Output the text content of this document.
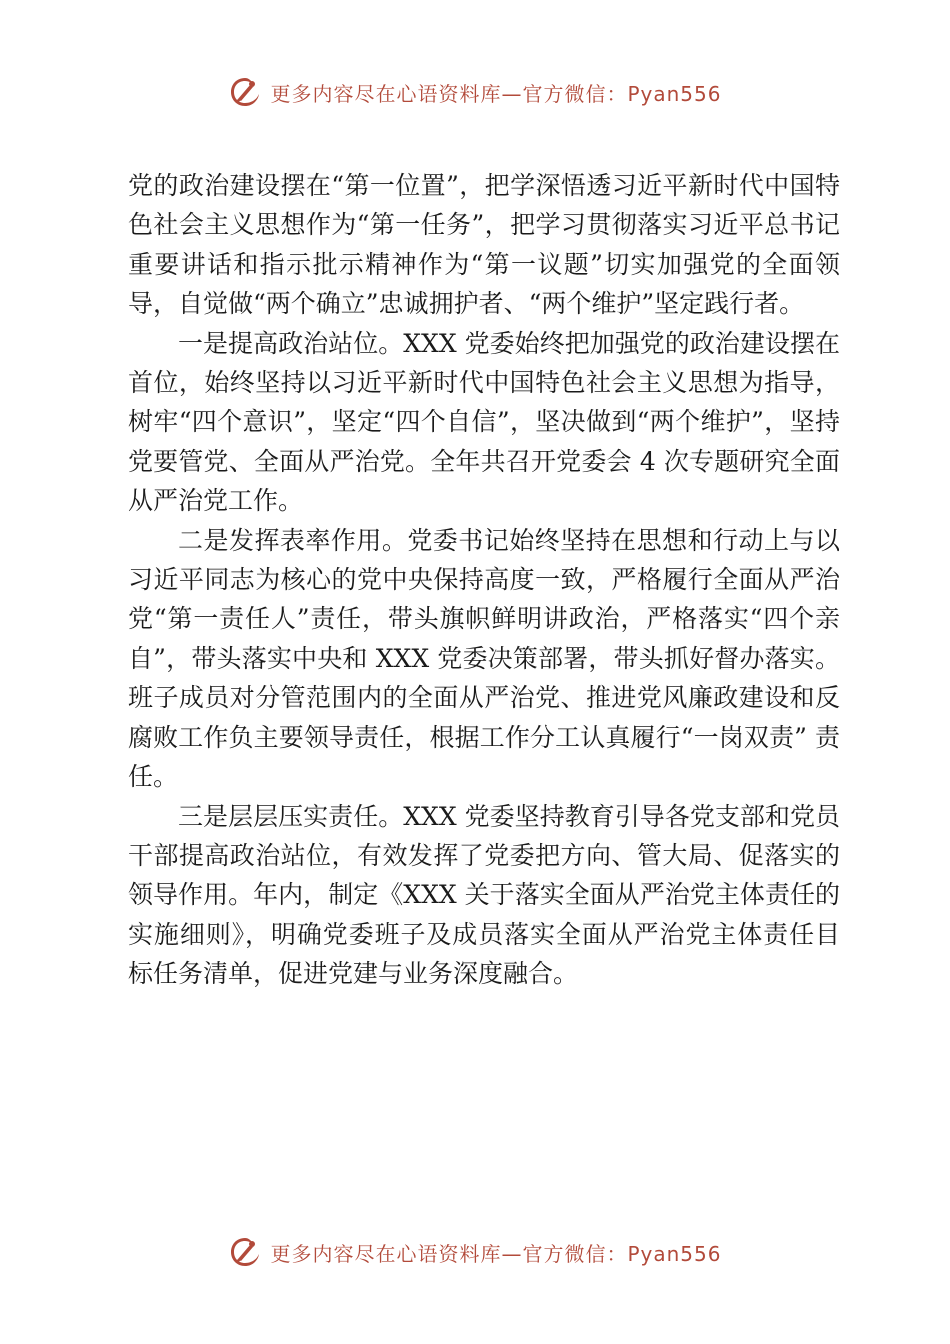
更多内容尽在心语资料库—官方微信：Pyan556

党的政治建设摆在“第一位置”，把学深悟透习近平新时代中国特色社会主义思想作为“第一任务”，把学习贯彻落实习近平总书记重要讲话和指示批示精神作为“第一议题”切实加强党的全面领导，自觉做“两个确立”忠诚拥护者、“两个维护”坚定践行者。

一是提高政治站位。XXX 党委始终把加强党的政治建设摆在首位，始终坚持以习近平新时代中国特色社会主义思想为指导，树牢“四个意识”，坚定“四个自信”，坚决做到“两个维护”，坚持党要管党、全面从严治党。全年共召开党委会 4 次专题研究全面从严治党工作。

二是发挥表率作用。党委书记始终坚持在思想和行动上与以习近平同志为核心的党中央保持高度一致，严格履行全面从严治党“第一责任人”责任，带头旗帜鲜明讲政治，严格落实“四个亲自”，带头落实中央和 XXX 党委决策部署，带头抓好督办落实。班子成员对分管范围内的全面从严治党、推进党风廉政建设和反腐败工作负主要领导责任，根据工作分工认真履行“一岗双责” 责任。

三是层层压实责任。XXX 党委坚持教育引导各党支部和党员干部提高政治站位，有效发挥了党委把方向、管大局、促落实的领导作用。年内，制定《XXX 关于落实全面从严治党主体责任的实施细则》，明确党委班子及成员落实全面从严治党主体责任目标任务清单，促进党建与业务深度融合。

更多内容尽在心语资料库—官方微信：Pyan556
